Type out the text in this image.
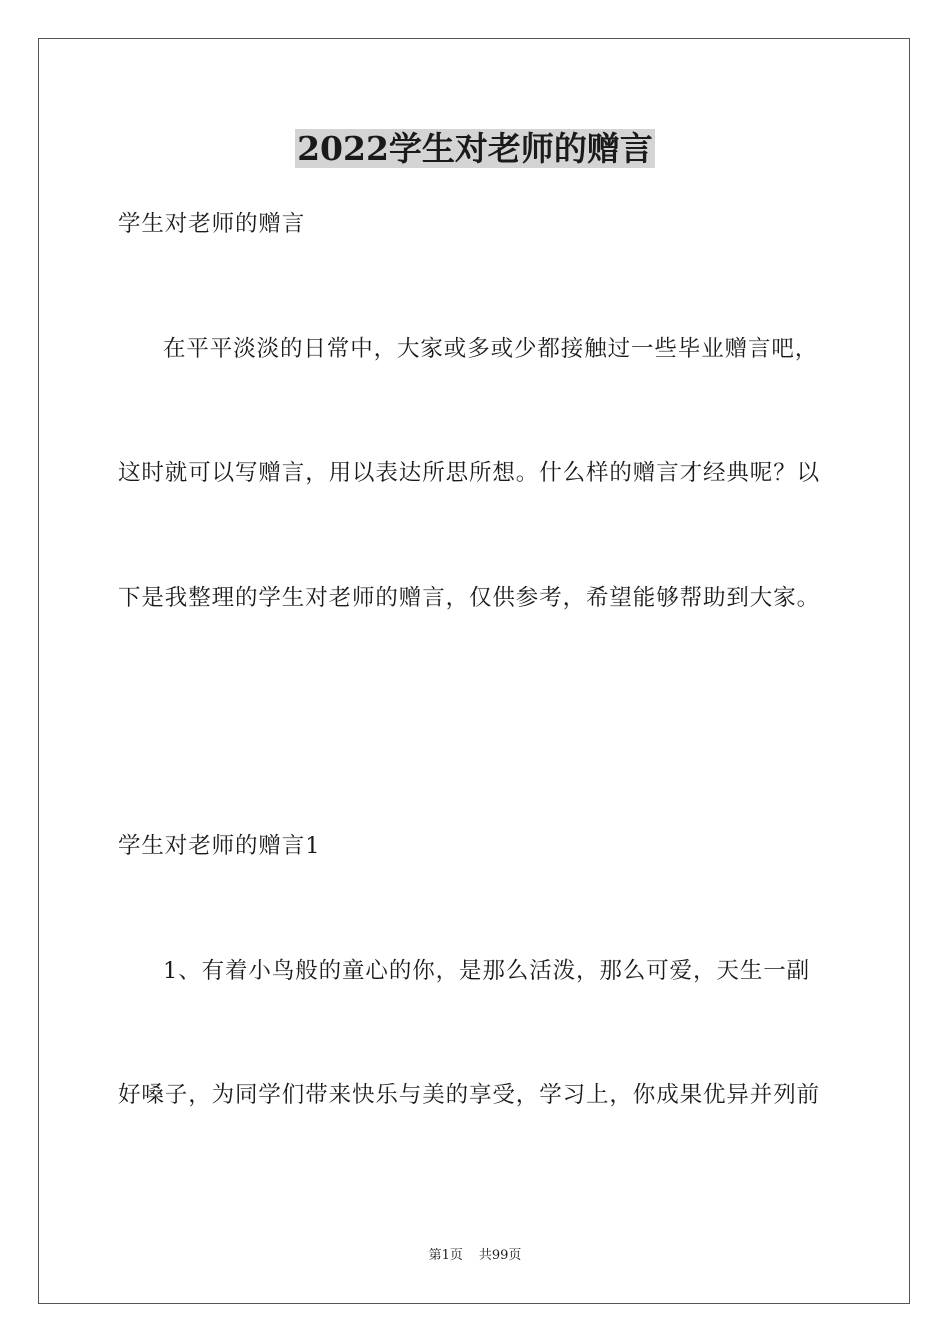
2022学生对老师的赠言
学生对老师的赠言
在平平淡淡的日常中，大家或多或少都接触过一些毕业赠言吧，
这时就可以写赠言，用以表达所思所想。什么样的赠言才经典呢？以
下是我整理的学生对老师的赠言，仅供参考，希望能够帮助到大家。
学生对老师的赠言1
1、有着小鸟般的童心的你，是那么活泼，那么可爱，天生一副
好嗓子，为同学们带来快乐与美的享受，学习上，你成果优异并列前
第1页 共99页
